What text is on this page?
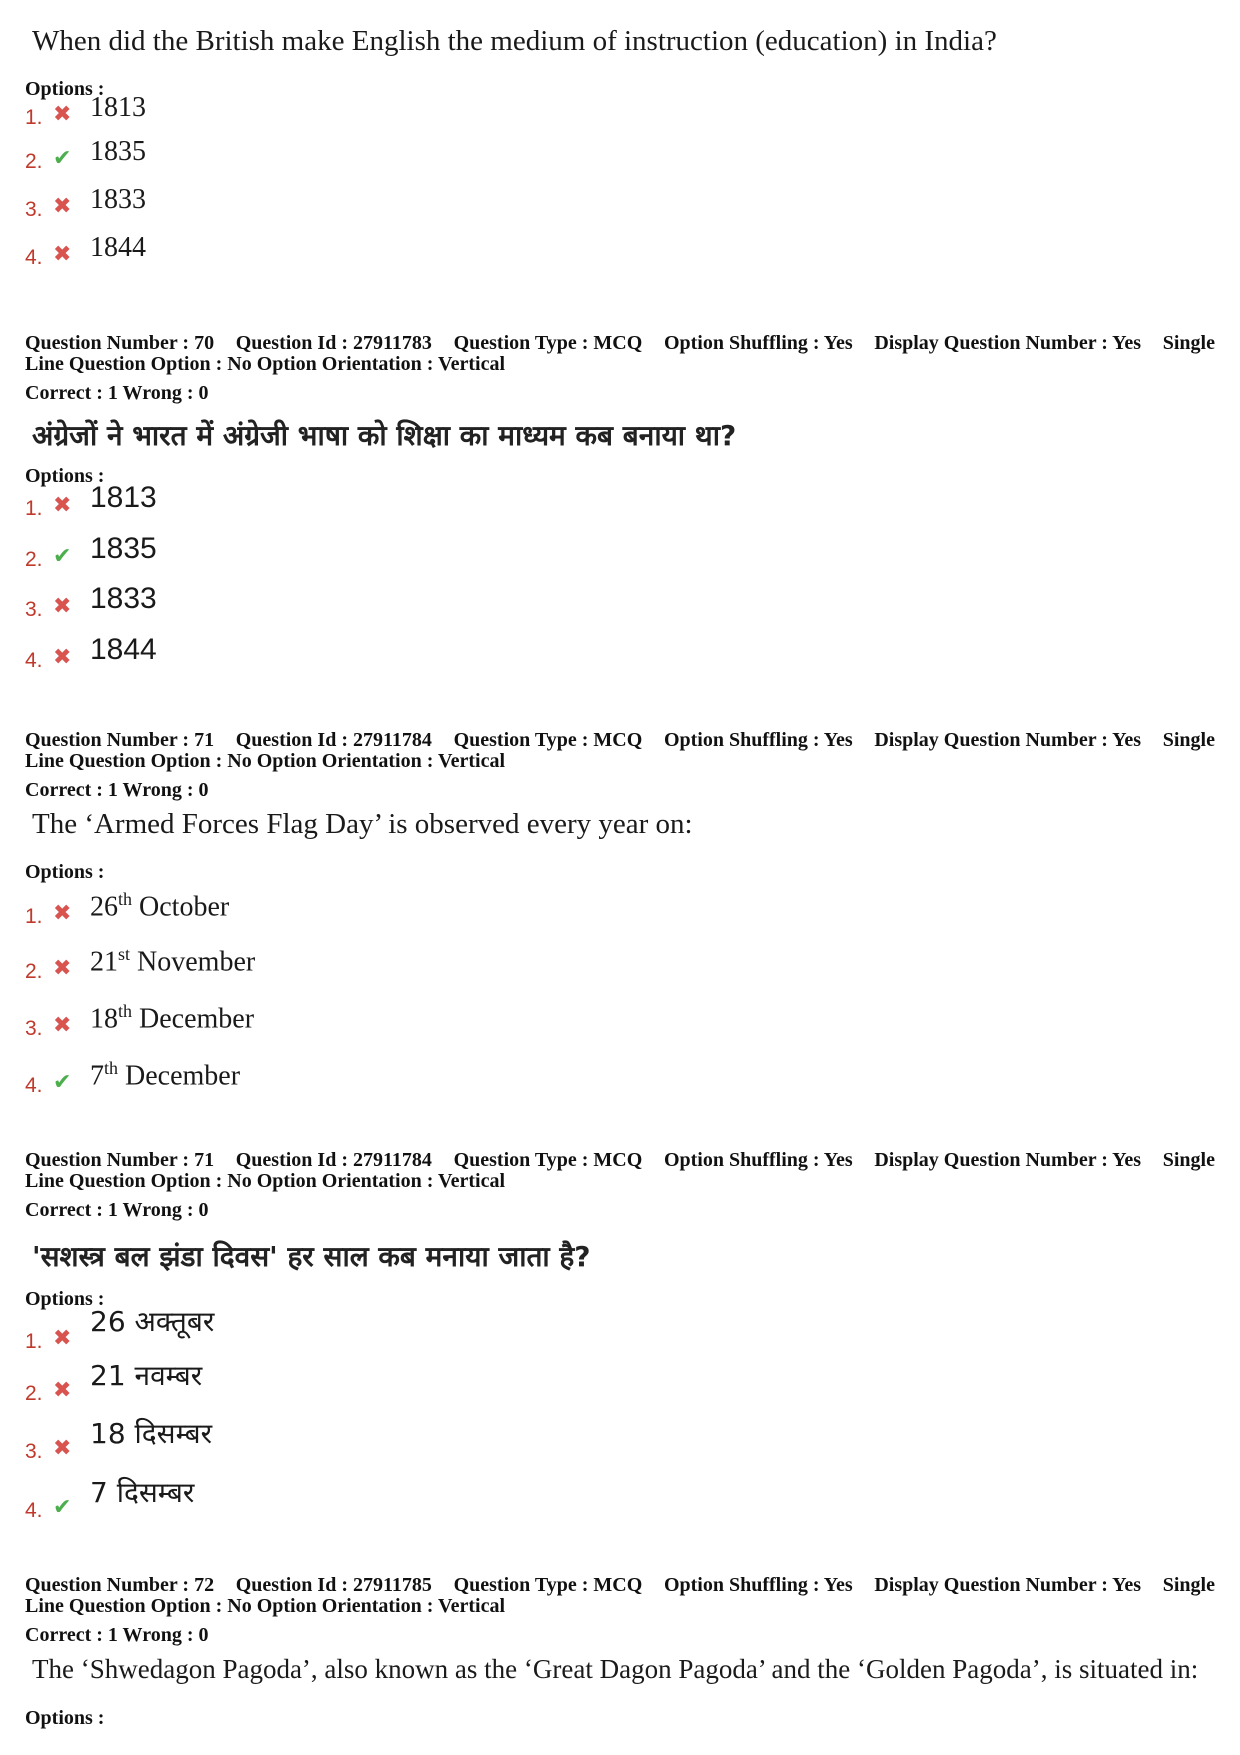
When did the British make English the medium of instruction (education) in India?
Options :
1. ✖ 1813
2. ✔ 1835
3. ✖ 1833
4. ✖ 1844
Question Number : 70 Question Id : 27911783 Question Type : MCQ Option Shuffling : Yes Display Question Number : Yes Single
Line Question Option : No Option Orientation : Vertical
Correct : 1 Wrong : 0
अंग्रेजों ने भारत में अंग्रेजी भाषा को शिक्षा का माध्यम कब बनाया था?
Options :
1. ✖ 1813
2. ✔ 1835
3. ✖ 1833
4. ✖ 1844
Question Number : 71 Question Id : 27911784 Question Type : MCQ Option Shuffling : Yes Display Question Number : Yes Single
Line Question Option : No Option Orientation : Vertical
Correct : 1 Wrong : 0
The ‘Armed Forces Flag Day’ is observed every year on:
Options :
1. ✖ 26th October
2. ✖ 21st November
3. ✖ 18th December
4. ✔ 7th December
Question Number : 71 Question Id : 27911784 Question Type : MCQ Option Shuffling : Yes Display Question Number : Yes Single
Line Question Option : No Option Orientation : Vertical
Correct : 1 Wrong : 0
'सशस्त्र बल झंडा दिवस' हर साल कब मनाया जाता है?
Options :
1. ✖
26 अक्तूबर
2. ✖ 21 नवम्बर
3. ✖ 18 दिसम्बर
4. ✔ 7 दिसम्बर
Question Number : 72 Question Id : 27911785 Question Type : MCQ Option Shuffling : Yes Display Question Number : Yes Single
Line Question Option : No Option Orientation : Vertical
Correct : 1 Wrong : 0
The ‘Shwedagon Pagoda’, also known as the ‘Great Dagon Pagoda’ and the ‘Golden Pagoda’, is situated in:
Options :
